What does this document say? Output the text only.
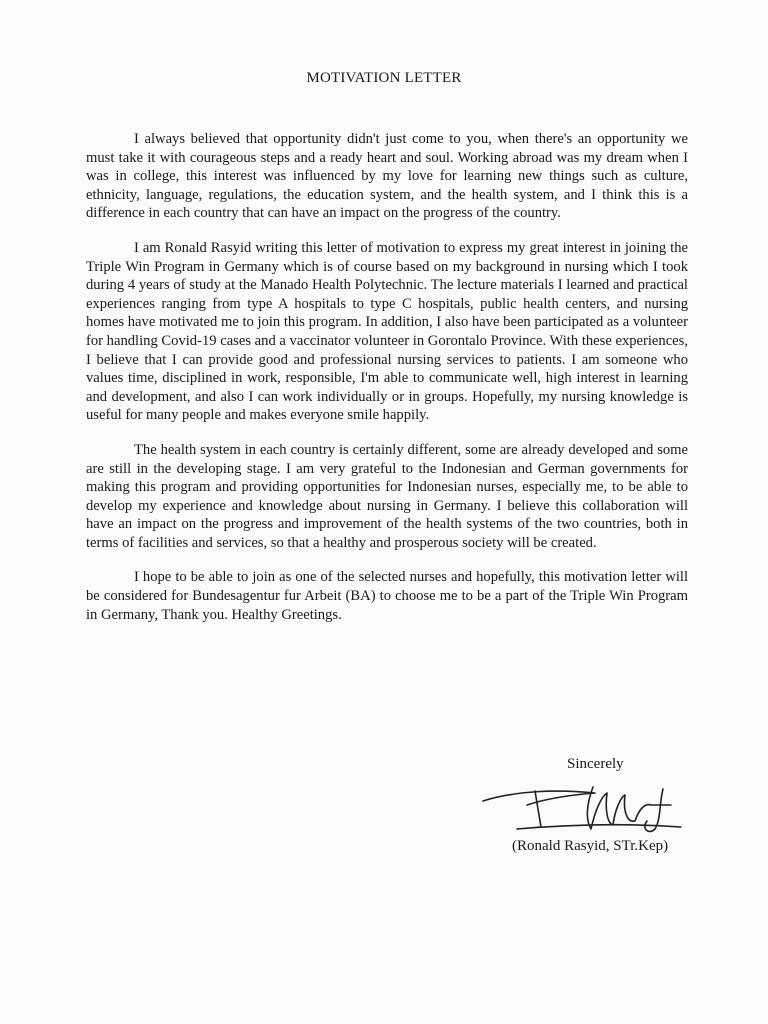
MOTIVATION LETTER

I always believed that opportunity didn't just come to you, when there's an opportunity we must take it with courageous steps and a ready heart and soul. Working abroad was my dream when I was in college, this interest was influenced by my love for learning new things such as culture, ethnicity, language, regulations, the education system, and the health system, and I think this is a difference in each country that can have an impact on the progress of the country.

I am Ronald Rasyid writing this letter of motivation to express my great interest in joining the Triple Win Program in Germany which is of course based on my background in nursing which I took during 4 years of study at the Manado Health Polytechnic. The lecture materials I learned and practical experiences ranging from type A hospitals to type C hospitals, public health centers, and nursing homes have motivated me to join this program. In addition, I also have been participated as a volunteer for handling Covid-19 cases and a vaccinator volunteer in Gorontalo Province. With these experiences, I believe that I can provide good and professional nursing services to patients. I am someone who values time, disciplined in work, responsible, I'm able to communicate well, high interest in learning and development, and also I can work individually or in groups. Hopefully, my nursing knowledge is useful for many people and makes everyone smile happily.

The health system in each country is certainly different, some are already developed and some are still in the developing stage. I am very grateful to the Indonesian and German governments for making this program and providing opportunities for Indonesian nurses, especially me, to be able to develop my experience and knowledge about nursing in Germany. I believe this collaboration will have an impact on the progress and improvement of the health systems of the two countries, both in terms of facilities and services, so that a healthy and prosperous society will be created.

I hope to be able to join as one of the selected nurses and hopefully, this motivation letter will be considered for Bundesagentur fur Arbeit (BA) to choose me to be a part of the Triple Win Program in Germany, Thank you. Healthy Greetings.

Sincerely
(Ronald Rasyid, STr.Kep)
